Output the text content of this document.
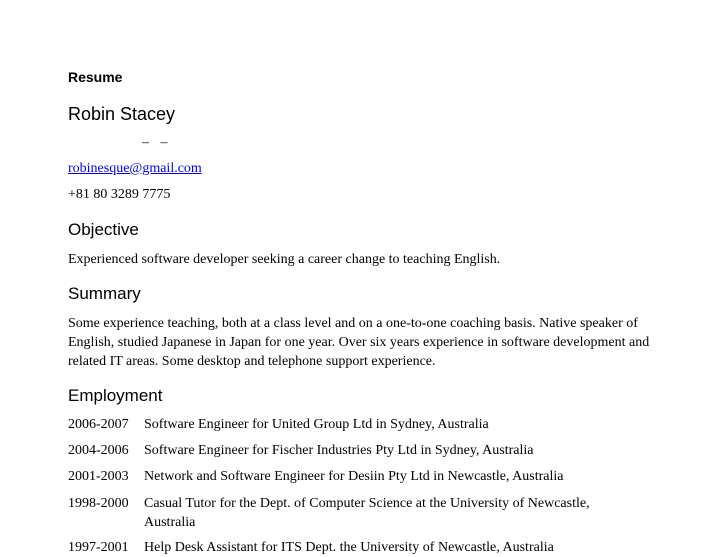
Resume
Robin Stacey
– –
robinesque@gmail.com
+81 80 3289 7775
Objective

Experienced software developer seeking a career change to teaching English.

Summary

Some experience teaching, both at a class level and on a one-to-one coaching basis. Native speaker of English, studied Japanese in Japan for one year. Over six years experience in software development and related IT areas. Some desktop and telephone support experience.

Employment
2006-2007 Software Engineer for United Group Ltd in Sydney, Australia
2004-2006 Software Engineer for Fischer Industries Pty Ltd in Sydney, Australia
2001-2003 Network and Software Engineer for Desiin Pty Ltd in Newcastle, Australia
1998-2000 Casual Tutor for the Dept. of Computer Science at the University of Newcastle, Australia
1997-2001 Help Desk Assistant for ITS Dept. the University of Newcastle, Australia
